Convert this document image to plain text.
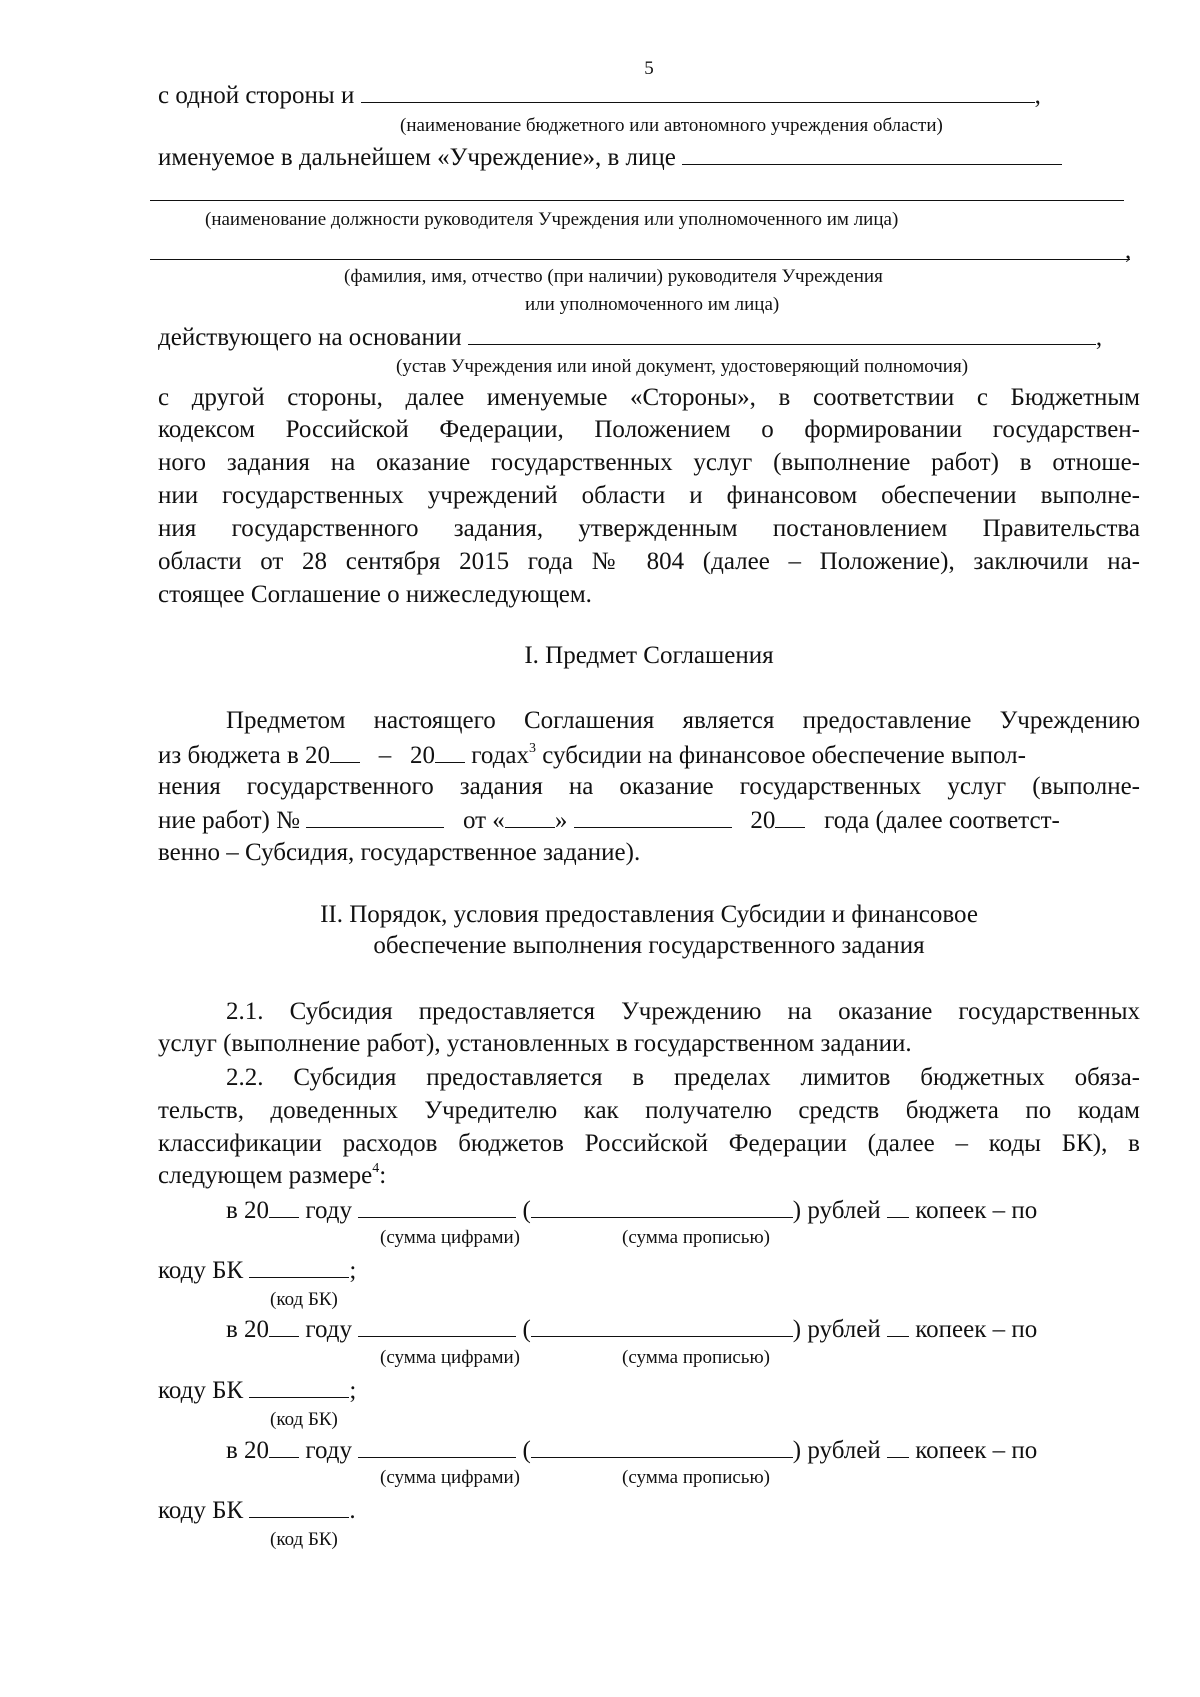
5
с одной стороны и	,
(наименование бюджетного или автономного учреждения области)
именуемое в дальнейшем «Учреждение», в лице
(наименование должности руководителя Учреждения или уполномоченного им лица)
,
(фамилия, имя, отчество (при наличии) руководителя Учреждения
или уполномоченного им лица)
действующего на основании	,
(устав Учреждения или иной документ, удостоверяющий полномочия)
с другой стороны, далее именуемые «Стороны», в соответствии с Бюджетным
кодексом Российской Федерации, Положением о формировании государствен-
ного задания на оказание государственных услуг (выполнение работ) в отноше-
нии государственных учреждений области и финансовом обеспечении выполне-
ния государственного задания, утвержденным постановлением Правительства
области от 28 сентября 2015 года № 804 (далее – Положение), заключили на-
стоящее Соглашение о нижеследующем.
I. Предмет Соглашения
Предметом настоящего Соглашения является предоставление Учреждению
из бюджета в 20 – 20 годах$^3$ субсидии на финансовое обеспечение выпол-
нения государственного задания на оказание государственных услуг (выполне-
ние работ) №	от « »	20 года (далее соответст-
венно – Субсидия, государственное задание).
II. Порядок, условия предоставления Субсидии и финансовое
обеспечение выполнения государственного задания
2.1. Субсидия предоставляется Учреждению на оказание государственных
услуг (выполнение работ), установленных в государственном задании.
2.2. Субсидия предоставляется в пределах лимитов бюджетных обяза-
тельств, доведенных Учредителю как получателю средств бюджета по кодам
классификации расходов бюджетов Российской Федерации (далее – коды БК), в
следующем размере$^4$:
в 20 году	(	) рублей копеек – по
(сумма цифрами)	(сумма прописью)
коду БК	;
(код БК)
в 20 году	(	) рублей копеек – по
(сумма цифрами)	(сумма прописью)
коду БК	;
(код БК)
в 20 году	(	) рублей копеек – по
(сумма цифрами)	(сумма прописью)
коду БК	.
(код БК)
